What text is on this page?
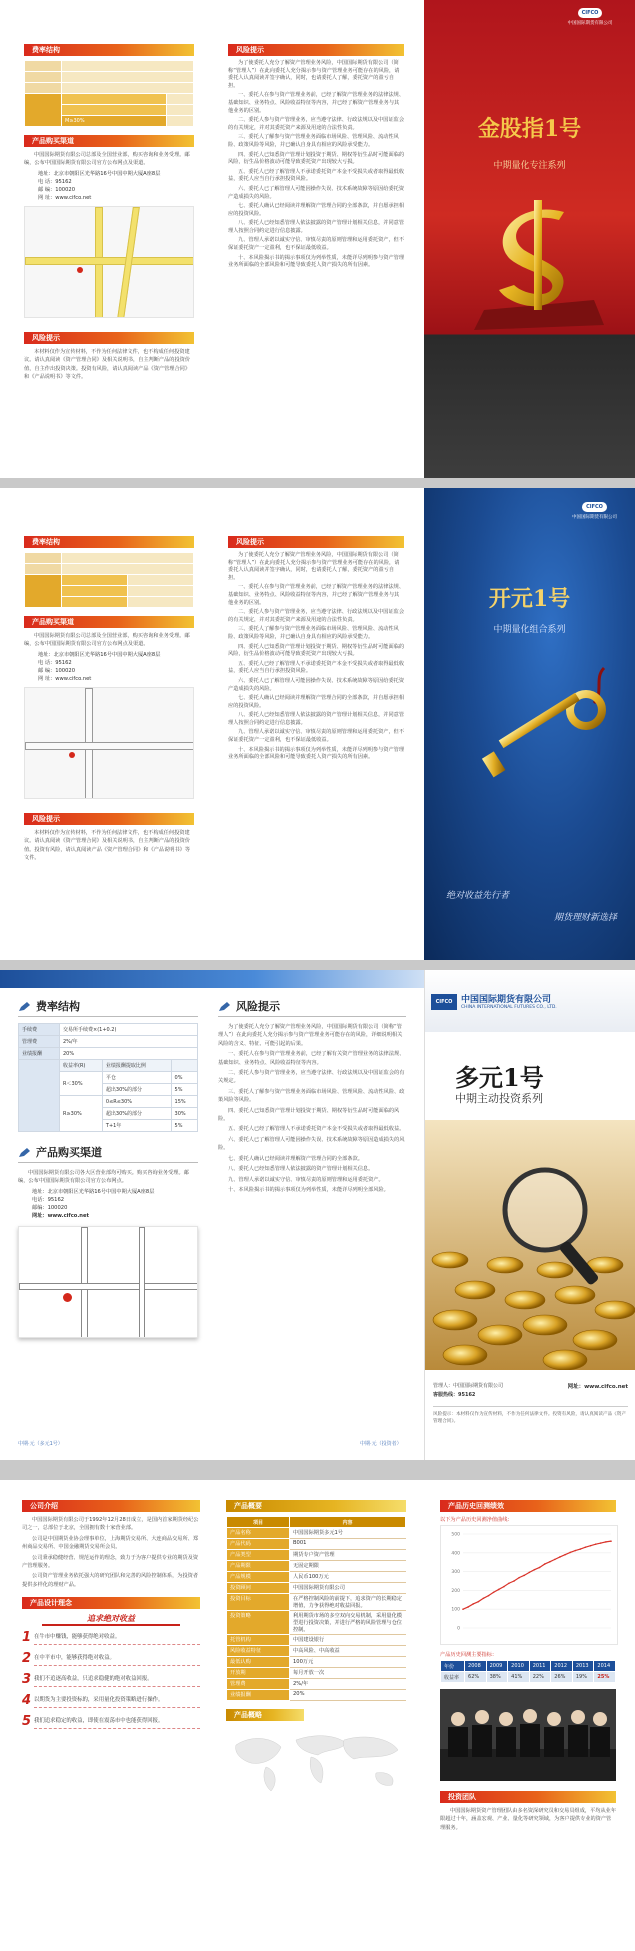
费率结构

	M≥30%	
产品购买渠道

中国国际期货有限公司总部及全国营业部，购买咨询和业务受理。邮编，公布中国国际期货有限公司官方公布网点及渠道。

地址：北京市朝阳区光华路16号中国中期大厦A座8层
电 话：95162
邮 编：100020
网 址：www.cifco.net
风险提示

本材料仅作为宣传材料，不作为任何法律文件，也不构成任何投资建议。请认真阅读《资产管理合同》及相关说明书，自主判断产品的投资价值，自主作出投资决策。投资有风险，请认真阅读产品《资产管理合同》和《产品说明书》等文件。

风险提示

为了使委托人充分了解资产管理业务风险，中国国际期货有限公司（简称“管理人”）在此向委托人充分揭示参与资产管理业务可能存在的风险，请委托人认真阅读并签字确认，同时，也请委托人了解，委托资产的盈亏自担。

一、委托人在参与资产管理业务前，已经了解资产管理业务的法律法规、基础知识、业务特点、风险收益特征等内容，并已经了解资产管理业务与其他业务的区别。

二、委托人参与资产管理业务，应当遵守法律、行政法规以及中国证监会的有关规定，并对其委托资产来源及用途的合法性负责。

三、委托人了解参与资产管理业务面临市场风险、管理风险、流动性风险、政策风险等风险，并已确认自身具有相应的风险承受能力。

四、委托人已知悉资产管理计划投资于期货、期权等衍生品时可能面临的风险，衍生品价格波动可能导致委托资产出现较大亏损。

五、委托人已经了解管理人不承诺委托资产本金不受损失或者取得最低收益，委托人应当自行承担投资风险。

六、委托人已了解管理人可能因操作失误、技术系统故障等原因给委托资产造成损失的风险。

七、委托人确认已经阅读并理解资产管理合同的全部条款，并自愿承担相应的投资风险。

八、委托人已经知悉管理人依法披露的资产管理计划相关信息，并同意管理人按照合同约定进行信息披露。

九、管理人承诺以诚实守信、审慎尽责的原则管理和运用委托资产，但不保证委托资产一定盈利，也不保证最低收益。

十、本风险揭示书的揭示事项仅为列举性质，未能详尽列明参与资产管理业务所面临的全部风险和可能导致委托人资产损失的所有因素。

CIFCO
中国国际期货有限公司
金股指1号
中期量化专注系列
费率结构

产品购买渠道

中国国际期货有限公司总部及全国营业部，购买咨询和业务受理。邮编，公布中国国际期货有限公司官方公布网点及渠道。

地址：北京市朝阳区光华路16号中国中期大厦A座8层
电 话：95162
邮 编：100020
网 址：www.cifco.net
风险提示

本材料仅作为宣传材料，不作为任何法律文件，也不构成任何投资建议。请认真阅读《资产管理合同》及相关说明书，自主判断产品的投资价值。投资有风险，请认真阅读产品《资产管理合同》和《产品说明书》等文件。

风险提示

为了使委托人充分了解资产管理业务风险，中国国际期货有限公司（简称“管理人”）在此向委托人充分揭示参与资产管理业务可能存在的风险，请委托人认真阅读并签字确认，同时，也请委托人了解，委托资产的盈亏自担。

一、委托人在参与资产管理业务前，已经了解资产管理业务的法律法规、基础知识、业务特点、风险收益特征等内容，并已经了解资产管理业务与其他业务的区别。

二、委托人参与资产管理业务，应当遵守法律、行政法规以及中国证监会的有关规定，并对其委托资产来源及用途的合法性负责。

三、委托人了解参与资产管理业务面临市场风险、管理风险、流动性风险、政策风险等风险，并已确认自身具有相应的风险承受能力。

四、委托人已知悉资产管理计划投资于期货、期权等衍生品时可能面临的风险，衍生品价格波动可能导致委托资产出现较大亏损。

五、委托人已经了解管理人不承诺委托资产本金不受损失或者取得最低收益，委托人应当自行承担投资风险。

六、委托人已了解管理人可能因操作失误、技术系统故障等原因给委托资产造成损失的风险。

七、委托人确认已经阅读并理解资产管理合同的全部条款，并自愿承担相应的投资风险。

八、委托人已经知悉管理人依法披露的资产管理计划相关信息，并同意管理人按照合同约定进行信息披露。

九、管理人承诺以诚实守信、审慎尽责的原则管理和运用委托资产，但不保证委托资产一定盈利，也不保证最低收益。

十、本风险揭示书的揭示事项仅为列举性质，未能详尽列明参与资产管理业务所面临的全部风险和可能导致委托人资产损失的所有因素。

CIFCO
中国国际期货有限公司
开元1号
中期量化组合系列
绝对收益先行者
期货理财新选择
费率结构
手续费	交易所手续费×(1+0.2)		
管理费	2%/年		
业绩报酬	20%		
	收益率(R)	业绩报酬提取比例	
	R＜30%	平仓	0%
		超出30%的部分	5%
	R≥30%	0≤R≤30%	15%
		超出30%的部分	30%
		T+1年	5%
产品购买渠道

中国国际期货有限公司各大区营业部均可购买。购买咨询业务受理。邮编，公布中国国际期货有限公司官方公布网点。

地址：北京市朝阳区光华路16号中国中期大厦A座8层
电话：95162
邮编：100020
网址：www.cifco.net
风险提示

为了使委托人充分了解资产管理业务风险，中国国际期货有限公司（简称“管理人”）在此向委托人充分揭示参与资产管理业务可能存在的风险，详细说明相关风险的含义、特征、可能引起的后果。

一、委托人在参与资产管理业务前，已经了解有关资产管理业务的法律法规、基础知识、业务特点、风险收益特征等内容。

二、委托人参与资产管理业务，应当遵守法律、行政法规以及中国证监会的有关规定。

三、委托人了解参与资产管理业务面临市场风险、管理风险、流动性风险、政策风险等风险。

四、委托人已知悉资产管理计划投资于期货、期权等衍生品时可能面临的风险。

五、委托人已经了解管理人不承诺委托资产本金不受损失或者取得最低收益。

六、委托人已了解管理人可能因操作失误、技术系统故障等原因造成损失的风险。

七、委托人确认已经阅读并理解资产管理合同的全部条款。

八、委托人已经知悉管理人依法披露的资产管理计划相关信息。

九、管理人承诺以诚实守信、审慎尽责的原则管理和运用委托资产。

十、本风险揭示书的揭示事项仅为列举性质，未能详尽列明全部风险。

中期·元（多元1号）	中期·元（投资者）
CIFCO 中国国际期货有限公司
CHINA INTERNATIONAL FUTURES CO., LTD.
多元1号
中期主动投资系列
管理人：中国国际期货有限公司
客服热线：95162
网址：www.cifco.net
风险提示：本材料仅作为宣传材料，不作为任何法律文件。投资有风险，请认真阅读产品《资产管理合同》。
公司介绍

中国国际期货有限公司于1992年12月28日成立，是国内首家期货经纪公司之一，总部位于北京，全国拥有数十家营业部。

公司是中国期货业协会理事单位，上海期货交易所、大连商品交易所、郑州商品交易所、中国金融期货交易所会员。

公司秉承稳健经营、规范运作的理念，致力于为客户提供专业的期货及资产管理服务。

公司资产管理业务依托强大的研究团队和完善的风险控制体系，为投资者提供多样化的理财产品。

产品设计理念
追求绝对收益
1 在牛市中赚钱，能够获得绝对收益。
2 在中平市中，能够获得绝对收益。
3 我们不追逐高收益，只追求稳健的绝对收益回报。
4 以期货为主要投资标的，采用量化投资策略进行操作。
5 我们追求稳定的收益，即使在震荡市中也能获得回报。
产品概要
项目	内容
产品名称	中国国际期货多元1号
产品代码	B001
产品类型	期货专户资产管理
产品期限	无固定期限
产品规模	人民币100万元
投资顾问	中国国际期货有限公司
投资目标	在严格控制风险的前提下，追求资产的长期稳定增值，力争获得绝对收益回报。
投资策略	利用期货市场的多空双向交易机制，采用量化模型进行投资决策，并进行严格的风险管理与仓位控制。
托管机构	中国建设银行
风险收益特征	中高风险、中高收益
最低认购	100万元
开放期	每月开放一次
管理费	2%/年
业绩报酬	20%
产品概略
产品历史回测绩效
以下为产品历史回测净值曲线：
0
100
200
300
400
500
产品历史回测主要指标：
年份	2008	2009	2010	2011	2012	2013	2014
收益率	62%	38%	41%	22%	26%	19%	25%
投资团队

中国国际期货资产管理团队由多名资深研究员和交易员组成，平均从业年限超过十年，涵盖宏观、产业、量化等研究领域，为客户提供专业的资产管理服务。
